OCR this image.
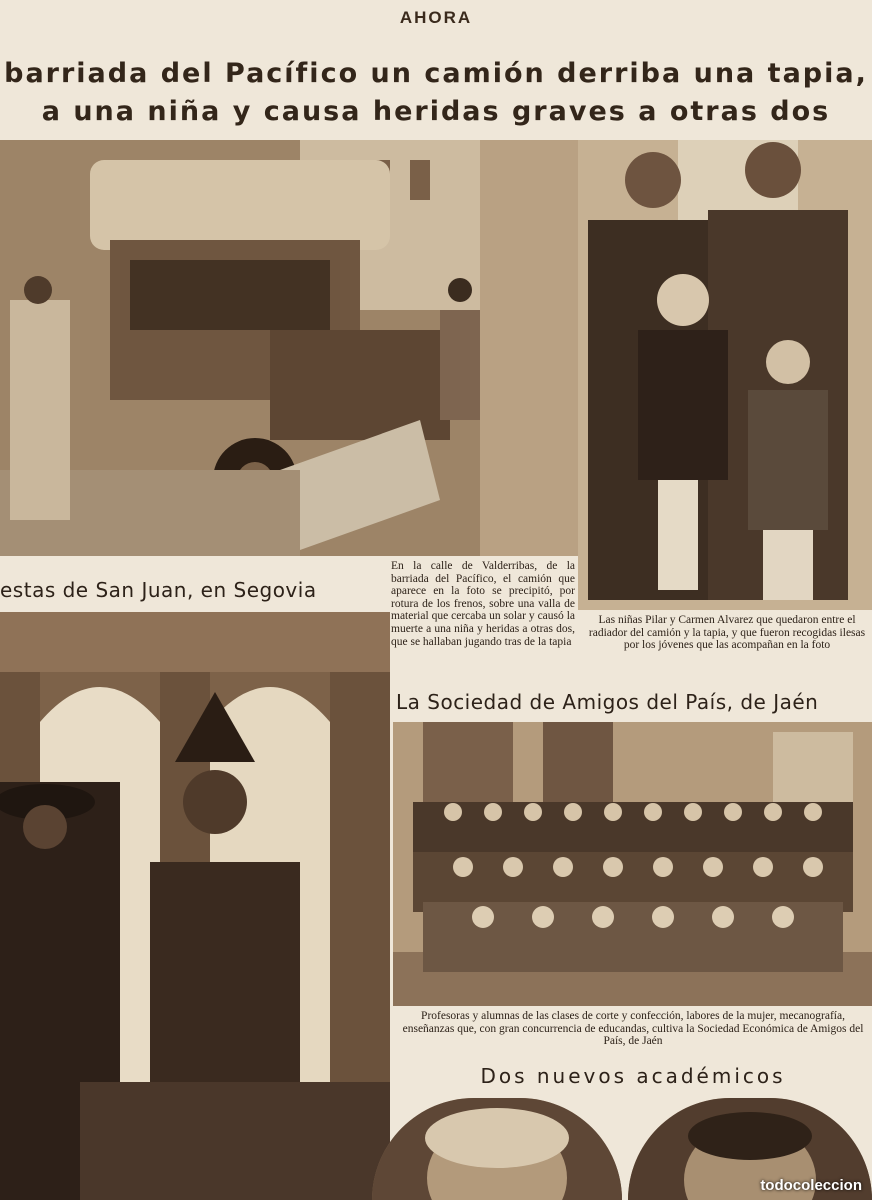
AHORA
barriada del Pacífico un camión derriba una tapia,
a una niña y causa heridas graves a otras dos
En la calle de Valderribas, de la barriada del Pacífico, el camión que aparece en la foto se precipitó, por rotura de los frenos, sobre una valla de material que cercaba un solar y causó la muerte a una niña y heridas a otras dos, que se hallaban jugando tras de la tapia
Las niñas Pilar y Carmen Alvarez que quedaron entre el radiador del camión y la tapia, y que fueron recogidas ilesas por los jóvenes que las acompañan en la foto
estas de San Juan, en Segovia
La Sociedad de Amigos del País, de Jaén
Profesoras y alumnas de las clases de corte y confección, labores de la mujer, mecanografía, enseñanzas que, con gran concurrencia de educandas, cultiva la Sociedad Económica de Amigos del País, de Jaén
Dos nuevos académicos
todocoleccion
